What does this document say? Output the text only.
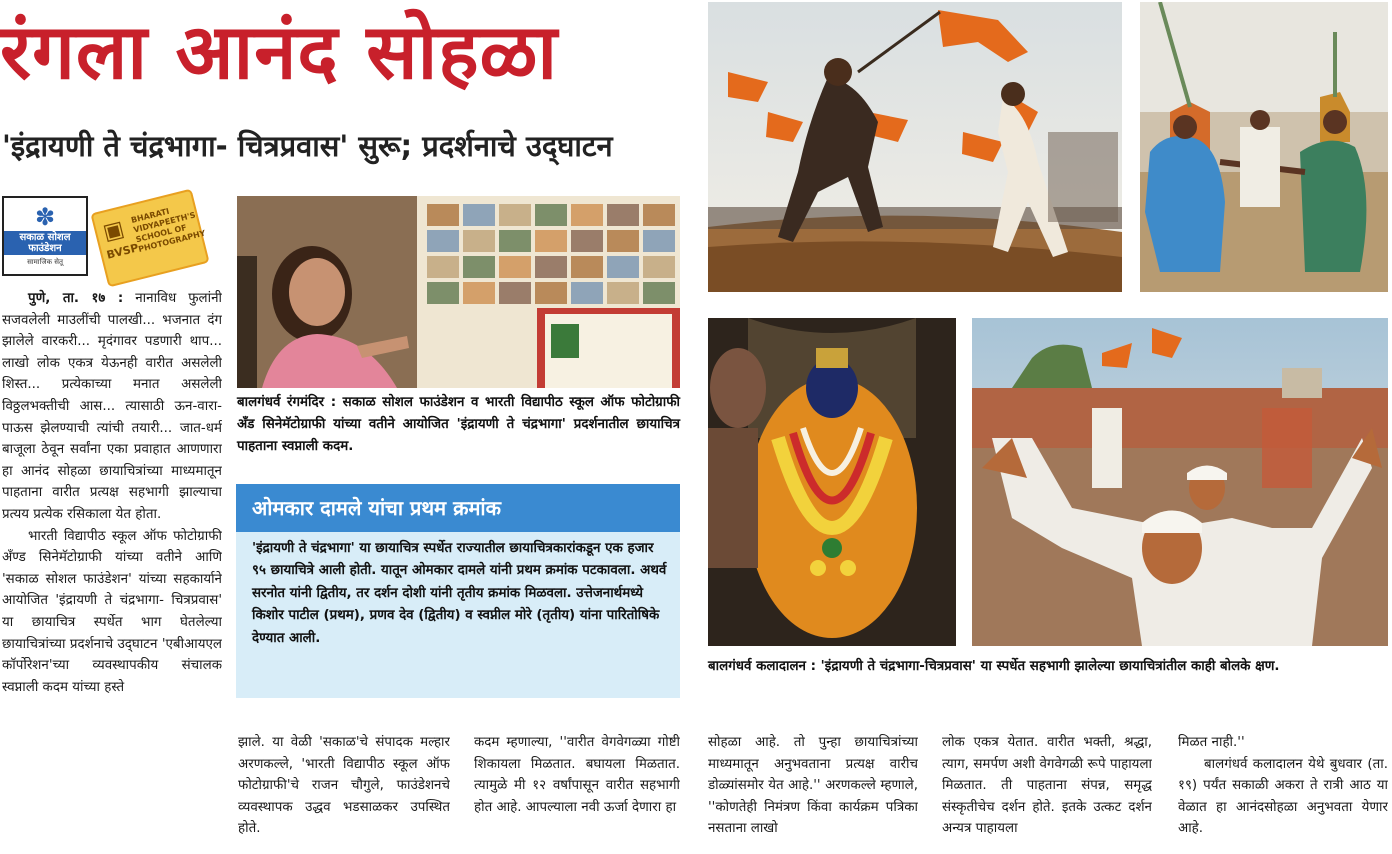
रंगला आनंद सोहळा
'इंद्रायणी ते चंद्रभागा- चित्रप्रवास' सुरू; प्रदर्शनाचे उद्‌घाटन
✽
सकाळ सोशल फाउंडेशन
सामाजिक सेतू
▣
BVSP
BHARATI VIDYAPEETH'S SCHOOL OF PHOTOGRAPHY

पुणे, ता. १७ : नानाविध फुलांनी सजवलेली माउलींची पालखी... भजनात दंग झालेले वारकरी... मृदंगावर पडणारी थाप... लाखो लोक एकत्र येऊनही वारीत असलेली शिस्त... प्रत्येकाच्या मनात असलेली विठ्ठलभक्तीची आस... त्यासाठी ऊन-वारा-पाऊस झेलण्याची त्यांची तयारी... जात-धर्म बाजूला ठेवून सर्वांना एका प्रवाहात आणणारा हा आनंद सोहळा छायाचित्रांच्या माध्यमातून पाहताना वारीत प्रत्यक्ष सहभागी झाल्याचा प्रत्यय प्रत्येक रसिकाला येत होता.

भारती विद्यापीठ स्कूल ऑफ फोटोग्राफी अँण्ड सिनेमॅटोग्राफी यांच्या वतीने आणि 'सकाळ सोशल फाउंडेशन' यांच्या सहकार्याने आयोजित 'इंद्रायणी ते चंद्रभागा- चित्रप्रवास' या छायाचित्र स्पर्धेत भाग घेतलेल्या छायाचित्रांच्या प्रदर्शनाचे उद्‌घाटन 'एबीआयएल कॉर्पोरेशन'च्या व्यवस्थापकीय संचालक स्वप्नाली कदम यांच्या हस्ते

बालगंधर्व रंगमंदिर : सकाळ सोशल फाउंडेशन व भारती विद्यापीठ स्कूल ऑफ फोटोग्राफी अँड सिनेमॅटोग्राफी यांच्या वतीने आयोजित 'इंद्रायणी ते चंद्रभागा' प्रदर्शनातील छायाचित्र पाहताना स्वप्नाली कदम.
ओमकार दामले यांचा प्रथम क्रमांक
'इंद्रायणी ते चंद्रभागा' या छायाचित्र स्पर्धेत राज्यातील छायाचित्रकारांकडून एक हजार ९५ छायाचित्रे आली होती. यातून ओमकार दामले यांनी प्रथम क्रमांक पटकावला. अथर्व सरनोत यांनी द्वितीय, तर दर्शन दोशी यांनी तृतीय क्रमांक मिळवला. उत्तेजनार्थमध्ये किशोर पाटील (प्रथम), प्रणव देव (द्वितीय) व स्वप्नील मोरे (तृतीय) यांना पारितोषिके देण्यात आली.
झाले. या वेळी 'सकाळ'चे संपादक मल्हार अरणकल्ले, 'भारती विद्यापीठ स्कूल ऑफ फोटोग्राफी'चे राजन चौगुले, फाउंडेशनचे व्यवस्थापक उद्धव भडसाळकर उपस्थित होते.
कदम म्हणाल्या, ''वारीत वेगवेगळ्या गोष्टी शिकायला मिळतात. बघायला मिळतात. त्यामुळे मी १२ वर्षांपासून वारीत सहभागी होत आहे. आपल्याला नवी ऊर्जा देणारा हा
सोहळा आहे. तो पुन्हा छायाचित्रांच्या माध्यमातून अनुभवताना प्रत्यक्ष वारीच डोळ्यांसमोर येत आहे.'' अरणकल्ले म्हणाले, ''कोणतेही निमंत्रण किंवा कार्यक्रम पत्रिका नसताना लाखो
लोक एकत्र येतात. वारीत भक्ती, श्रद्धा, त्याग, समर्पण अशी वेगवेगळी रूपे पाहायला मिळतात. ती पाहताना संपन्न, समृद्ध संस्कृतीचेच दर्शन होते. इतके उत्कट दर्शन अन्यत्र पाहायला

मिळत नाही.''

बालगंधर्व कलादालन येथे बुधवार (ता. १९) पर्यंत सकाळी अकरा ते रात्री आठ या वेळात हा आनंदसोहळा अनुभवता येणार आहे.

बालगंधर्व कलादालन : 'इंद्रायणी ते चंद्रभागा-चित्रप्रवास' या स्पर्धेत सहभागी झालेल्या छायाचित्रांतील काही बोलके क्षण.
